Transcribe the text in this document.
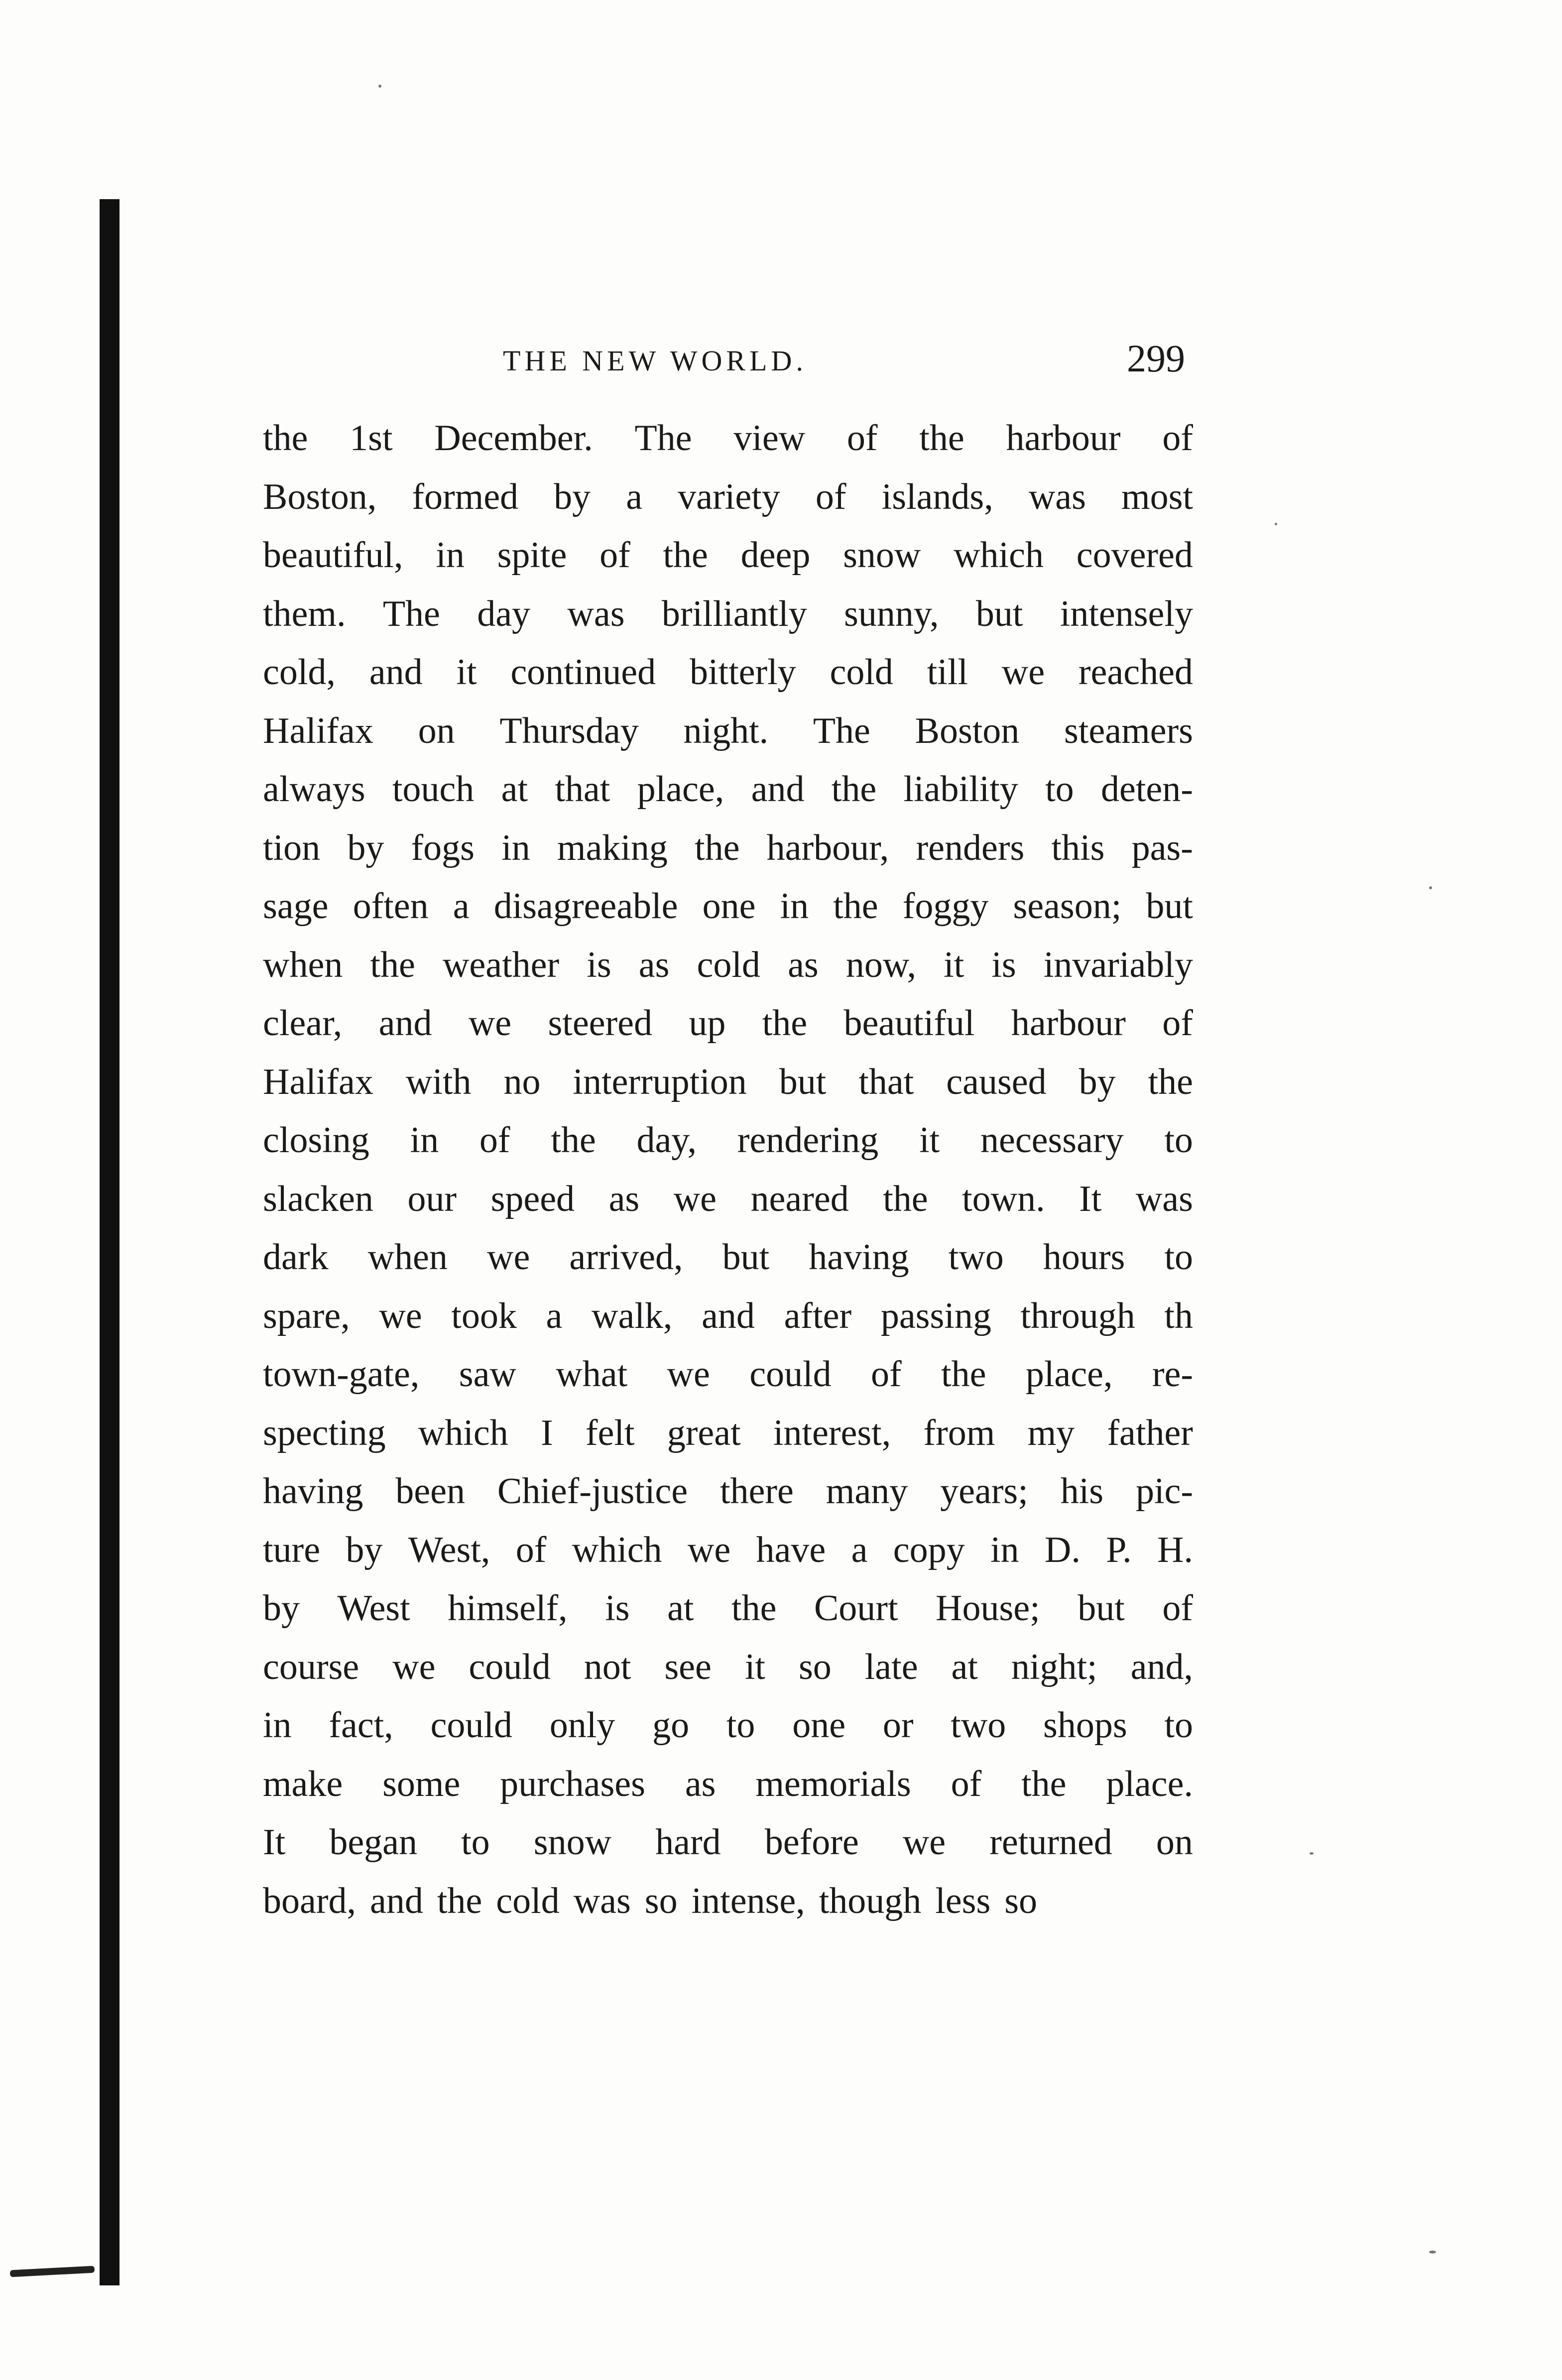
THE NEW WORLD.	299
the 1st December. The view of the harbour of
Boston, formed by a variety of islands, was most
beautiful, in spite of the deep snow which covered
them. The day was brilliantly sunny, but intensely
cold, and it continued bitterly cold till we reached
Halifax on Thursday night. The Boston steamers
always touch at that place, and the liability to deten-
tion by fogs in making the harbour, renders this pas-
sage often a disagreeable one in the foggy season; but
when the weather is as cold as now, it is invariably
clear, and we steered up the beautiful harbour of
Halifax with no interruption but that caused by the
closing in of the day, rendering it necessary to
slacken our speed as we neared the town. It was
dark when we arrived, but having two hours to
spare, we took a walk, and after passing through th
town-gate, saw what we could of the place, re-
specting which I felt great interest, from my father
having been Chief-justice there many years; his pic-
ture by West, of which we have a copy in D. P. H.
by West himself, is at the Court House; but of
course we could not see it so late at night; and,
in fact, could only go to one or two shops to
make some purchases as memorials of the place.
It began to snow hard before we returned on
board, and the cold was so intense, though less so
